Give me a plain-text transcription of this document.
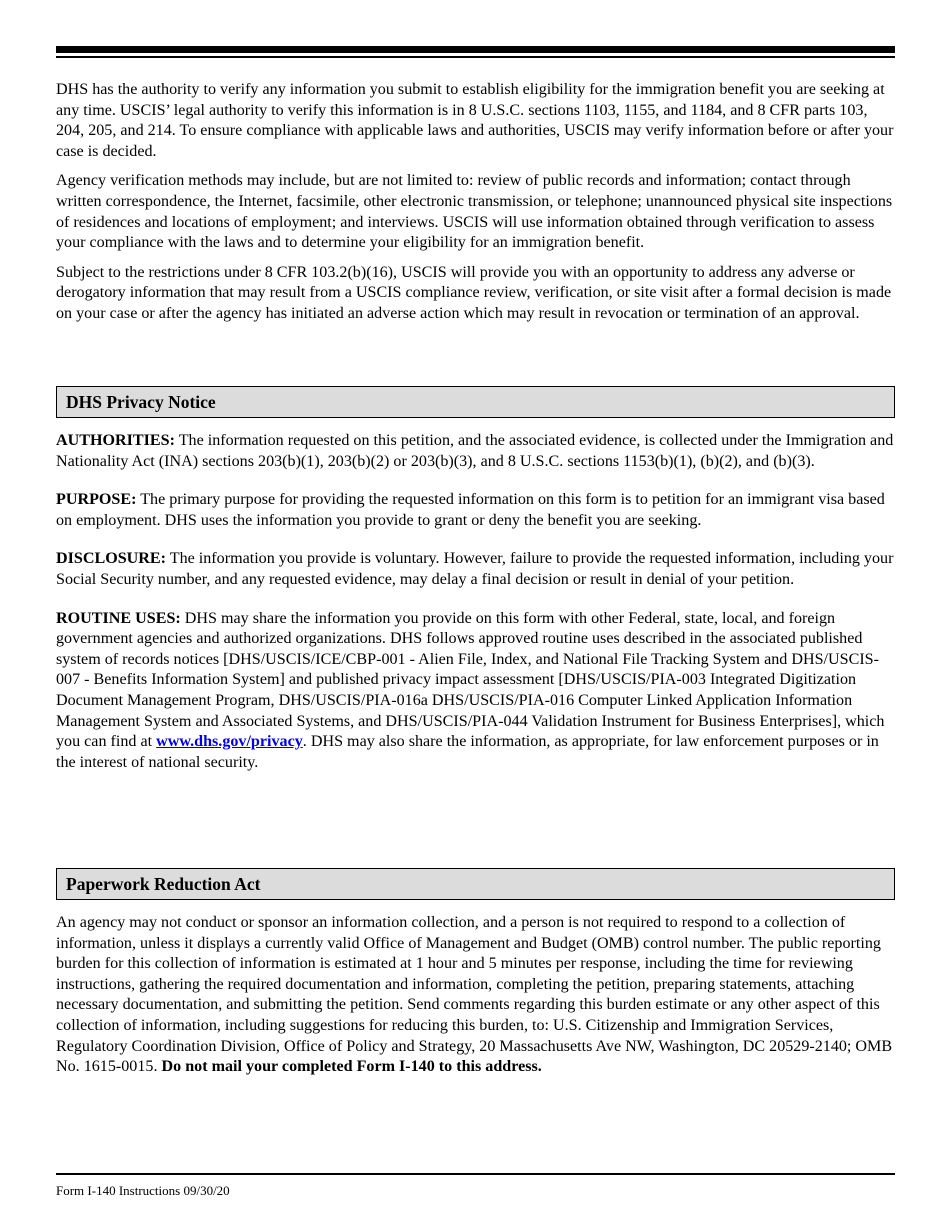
DHS has the authority to verify any information you submit to establish eligibility for the immigration benefit you are seeking at any time. USCIS’ legal authority to verify this information is in 8 U.S.C. sections 1103, 1155, and 1184, and 8 CFR parts 103, 204, 205, and 214. To ensure compliance with applicable laws and authorities, USCIS may verify information before or after your case is decided.

Agency verification methods may include, but are not limited to: review of public records and information; contact through written correspondence, the Internet, facsimile, other electronic transmission, or telephone; unannounced physical site inspections of residences and locations of employment; and interviews. USCIS will use information obtained through verification to assess your compliance with the laws and to determine your eligibility for an immigration benefit.

Subject to the restrictions under 8 CFR 103.2(b)(16), USCIS will provide you with an opportunity to address any adverse or derogatory information that may result from a USCIS compliance review, verification, or site visit after a formal decision is made on your case or after the agency has initiated an adverse action which may result in revocation or termination of an approval.

DHS Privacy Notice

AUTHORITIES: The information requested on this petition, and the associated evidence, is collected under the Immigration and Nationality Act (INA) sections 203(b)(1), 203(b)(2) or 203(b)(3), and 8 U.S.C. sections 1153(b)(1), (b)(2), and (b)(3).

PURPOSE: The primary purpose for providing the requested information on this form is to petition for an immigrant visa based on employment. DHS uses the information you provide to grant or deny the benefit you are seeking.

DISCLOSURE: The information you provide is voluntary. However, failure to provide the requested information, including your Social Security number, and any requested evidence, may delay a final decision or result in denial of your petition.

ROUTINE USES: DHS may share the information you provide on this form with other Federal, state, local, and foreign government agencies and authorized organizations. DHS follows approved routine uses described in the associated published system of records notices [DHS/USCIS/ICE/CBP-001 - Alien File, Index, and National File Tracking System and DHS/USCIS-007 - Benefits Information System] and published privacy impact assessment [DHS/USCIS/PIA-003 Integrated Digitization Document Management Program, DHS/USCIS/PIA-016a DHS/USCIS/PIA-016 Computer Linked Application Information Management System and Associated Systems, and DHS/USCIS/PIA-044 Validation Instrument for Business Enterprises], which you can find at www.dhs.gov/privacy. DHS may also share the information, as appropriate, for law enforcement purposes or in the interest of national security.

Paperwork Reduction Act

An agency may not conduct or sponsor an information collection, and a person is not required to respond to a collection of information, unless it displays a currently valid Office of Management and Budget (OMB) control number. The public reporting burden for this collection of information is estimated at 1 hour and 5 minutes per response, including the time for reviewing instructions, gathering the required documentation and information, completing the petition, preparing statements, attaching necessary documentation, and submitting the petition. Send comments regarding this burden estimate or any other aspect of this collection of information, including suggestions for reducing this burden, to: U.S. Citizenship and Immigration Services, Regulatory Coordination Division, Office of Policy and Strategy, 20 Massachusetts Ave NW, Washington, DC 20529-2140; OMB No. 1615-0015. Do not mail your completed Form I-140 to this address.

Form I-140 Instructions 09/30/20
